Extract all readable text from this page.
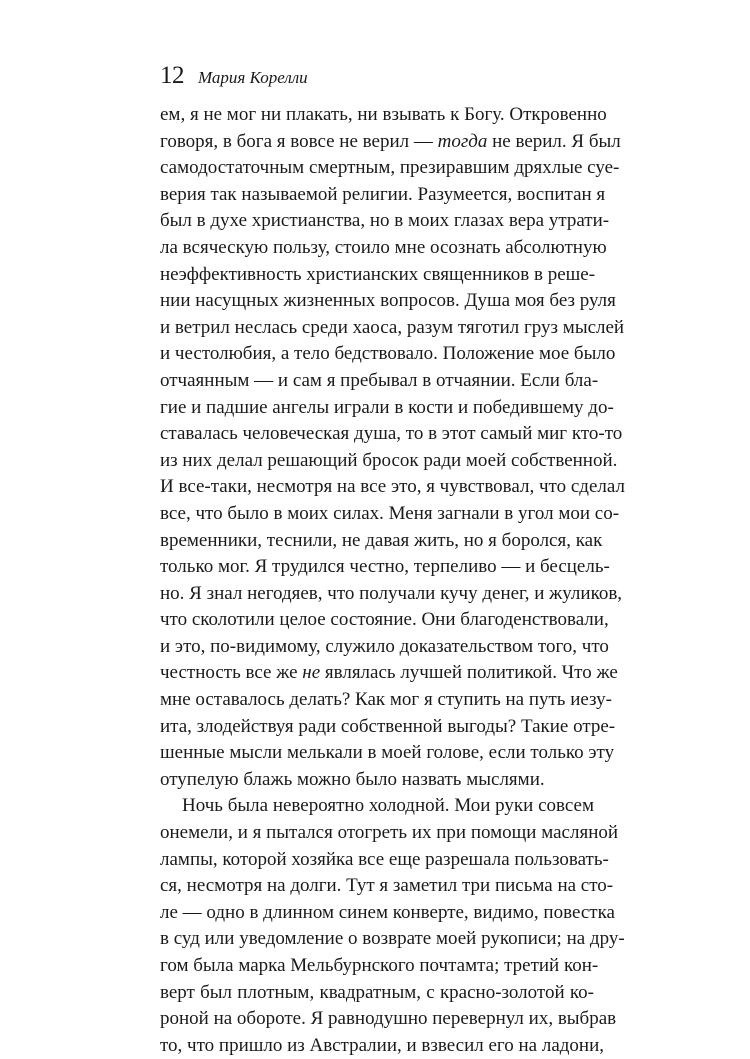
12 Мария Корелли
ем, я не мог ни плакать, ни взывать к Богу. Откровенно
говоря, в бога я вовсе не верил — тогда не верил. Я был
самодостаточным смертным, презиравшим дряхлые суе-
верия так называемой религии. Разумеется, воспитан я
был в духе христианства, но в моих глазах вера утрати-
ла всяческую пользу, стоило мне осознать абсолютную
неэффективность христианских священников в реше-
нии насущных жизненных вопросов. Душа моя без руля
и ветрил неслась среди хаоса, разум тяготил груз мыслей
и честолюбия, а тело бедствовало. Положение мое было
отчаянным — и сам я пребывал в отчаянии. Если бла-
гие и падшие ангелы играли в кости и победившему до-
ставалась человеческая душа, то в этот самый миг кто-то
из них делал решающий бросок ради моей собственной.
И все-таки, несмотря на все это, я чувствовал, что сделал
все, что было в моих силах. Меня загнали в угол мои со-
временники, теснили, не давая жить, но я боролся, как
только мог. Я трудился честно, терпеливо — и бесцель-
но. Я знал негодяев, что получали кучу денег, и жуликов,
что сколотили целое состояние. Они благоденствовали,
и это, по-видимому, служило доказательством того, что
честность все же не являлась лучшей политикой. Что же
мне оставалось делать? Как мог я ступить на путь иезу-
ита, злодействуя ради собственной выгоды? Такие отре-
шенные мысли мелькали в моей голове, если только эту
отупелую блажь можно было назвать мыслями.
Ночь была невероятно холодной. Мои руки совсем
онемели, и я пытался отогреть их при помощи масляной
лампы, которой хозяйка все еще разрешала пользовать-
ся, несмотря на долги. Тут я заметил три письма на сто-
ле — одно в длинном синем конверте, видимо, повестка
в суд или уведомление о возврате моей рукописи; на дру-
гом была марка Мельбурнского почтамта; третий кон-
верт был плотным, квадратным, с красно-золотой ко-
роной на обороте. Я равнодушно перевернул их, выбрав
то, что пришло из Австралии, и взвесил его на ладони,
